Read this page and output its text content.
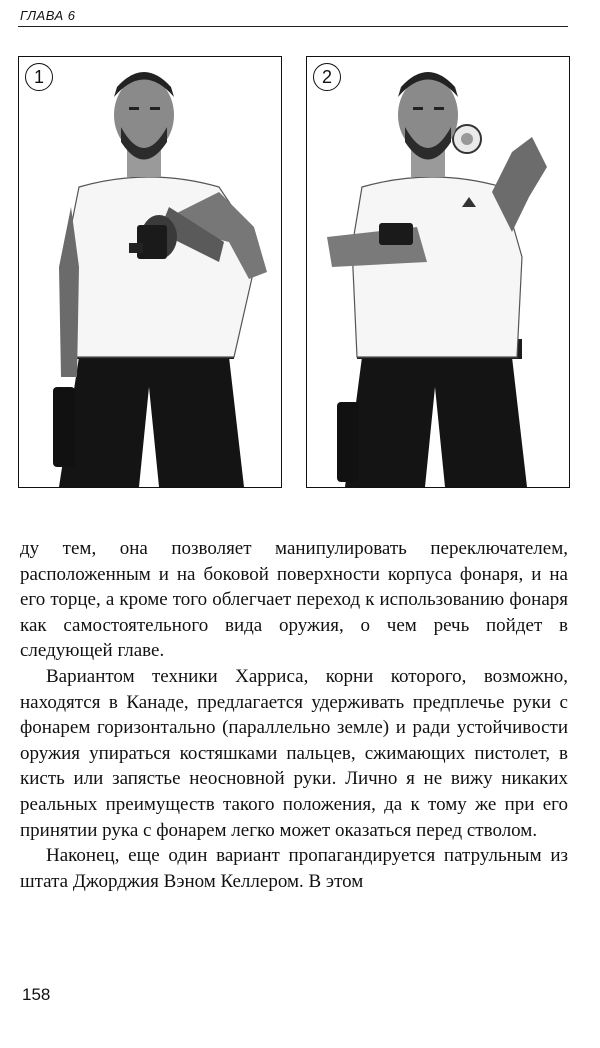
ГЛАВА 6
1	2

ду тем, она позволяет манипулировать переключателем, расположенным и на боковой поверхности корпуса фонаря, и на его торце, а кроме того облегчает переход к использованию фонаря как самостоятельного вида оружия, о чем речь пойдет в следующей главе.

Вариантом техники Харриса, корни которого, возможно, находятся в Канаде, предлагается удерживать предплечье руки с фонарем горизонтально (параллельно земле) и ради устойчивости оружия упираться костяшками пальцев, сжимающих пистолет, в кисть или запястье неосновной руки. Лично я не вижу никаких реальных преимуществ такого положения, да к тому же при его принятии рука с фонарем легко может оказаться перед стволом.

Наконец, еще один вариант пропагандируется патрульным из штата Джорджия Вэном Келлером. В этом

158
